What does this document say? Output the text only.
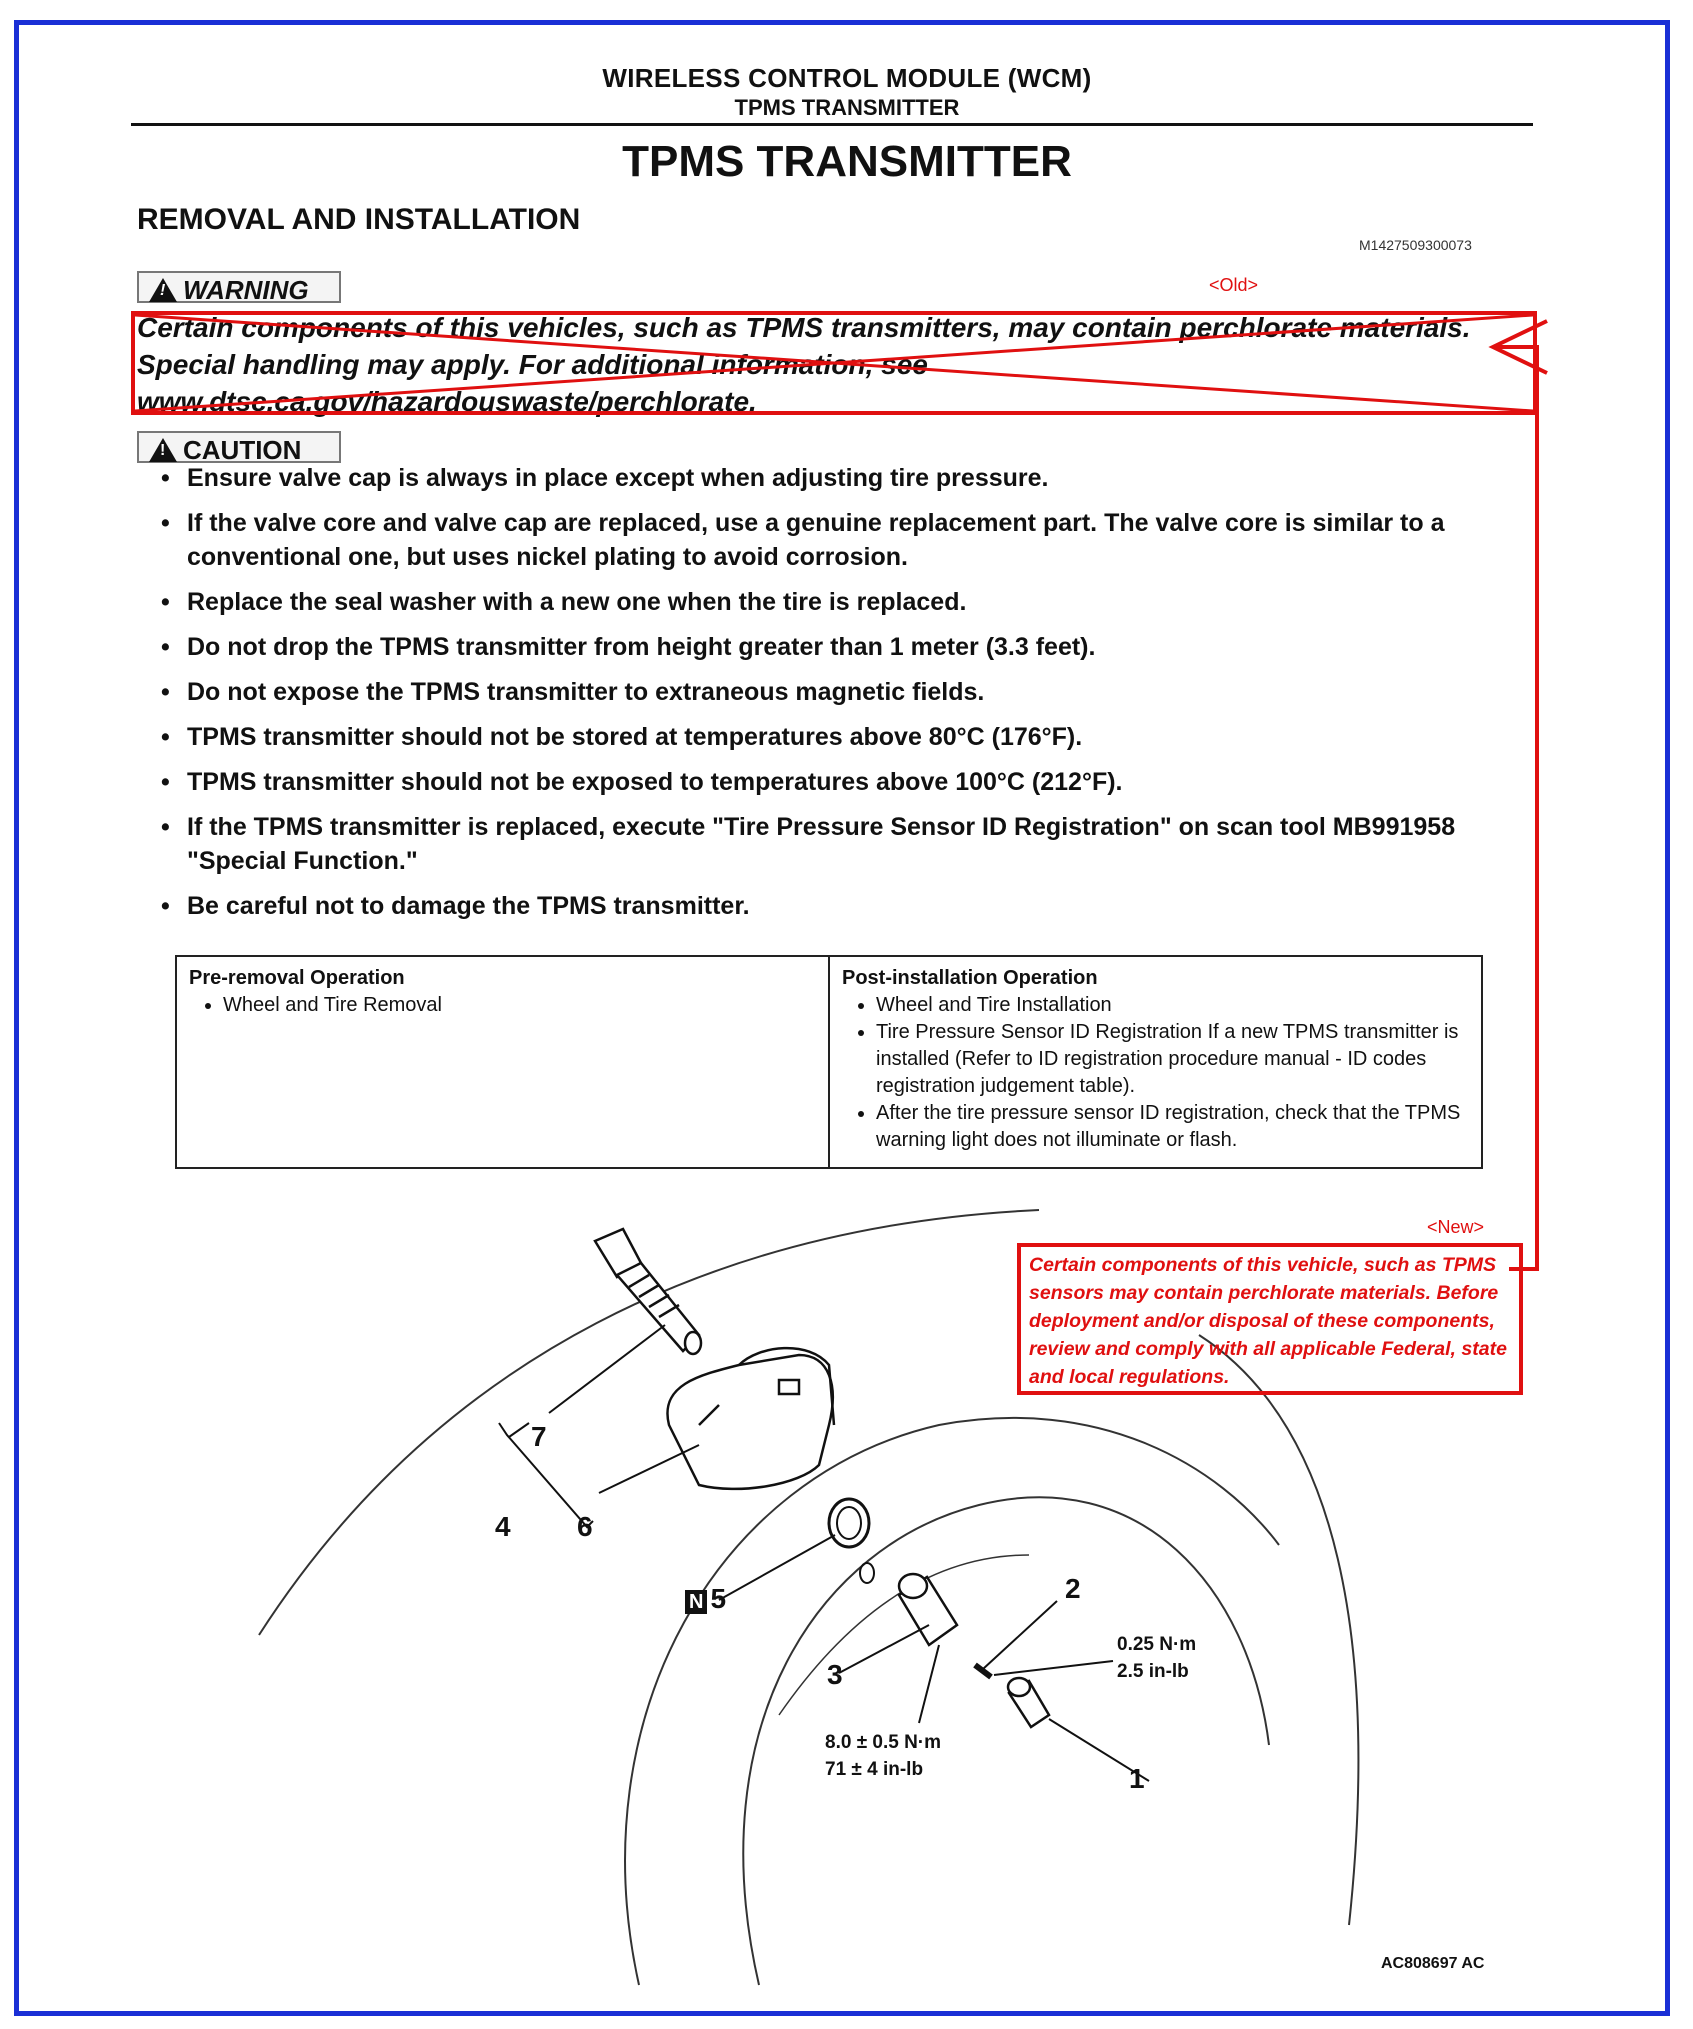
WIRELESS CONTROL MODULE (WCM)
TPMS TRANSMITTER
TPMS TRANSMITTER
REMOVAL AND INSTALLATION
M1427509300073
!WARNING	<Old>
Certain components of this vehicles, such as TPMS transmitters, may contain perchlorate materials. Special handling may apply. For additional information, see www.dtsc.ca.gov/hazardouswaste/perchlorate.
!CAUTION
• Ensure valve cap is always in place except when adjusting tire pressure.
• If the valve core and valve cap are replaced, use a genuine replacement part. The valve core is similar to a conventional one, but uses nickel plating to avoid corrosion.
• Replace the seal washer with a new one when the tire is replaced.
• Do not drop the TPMS transmitter from height greater than 1 meter (3.3 feet).
• Do not expose the TPMS transmitter to extraneous magnetic fields.
• TPMS transmitter should not be stored at temperatures above 80°C (176°F).
• TPMS transmitter should not be exposed to temperatures above 100°C (212°F).
• If the TPMS transmitter is replaced, execute "Tire Pressure Sensor ID Registration" on scan tool MB991958 "Special Function."
• Be careful not to damage the TPMS transmitter.
Pre-removal Operation
• Wheel and Tire Removal
Post-installation Operation
• Wheel and Tire Installation
• Tire Pressure Sensor ID Registration If a new TPMS transmitter is installed (Refer to ID registration procedure manual - ID codes registration judgement table).
• After the tire pressure sensor ID registration, check that the TPMS warning light does not illuminate or flash.
<New>
Certain components of this vehicle, such as TPMS sensors may contain perchlorate materials. Before deployment and/or disposal of these components, review and comply with all applicable Federal, state and local regulations.
1
2
3
4
N 5
6
7
0.25 N·m
2.5 in-lb
8.0 ± 0.5 N·m
71 ± 4 in-lb
AC808697 AC
